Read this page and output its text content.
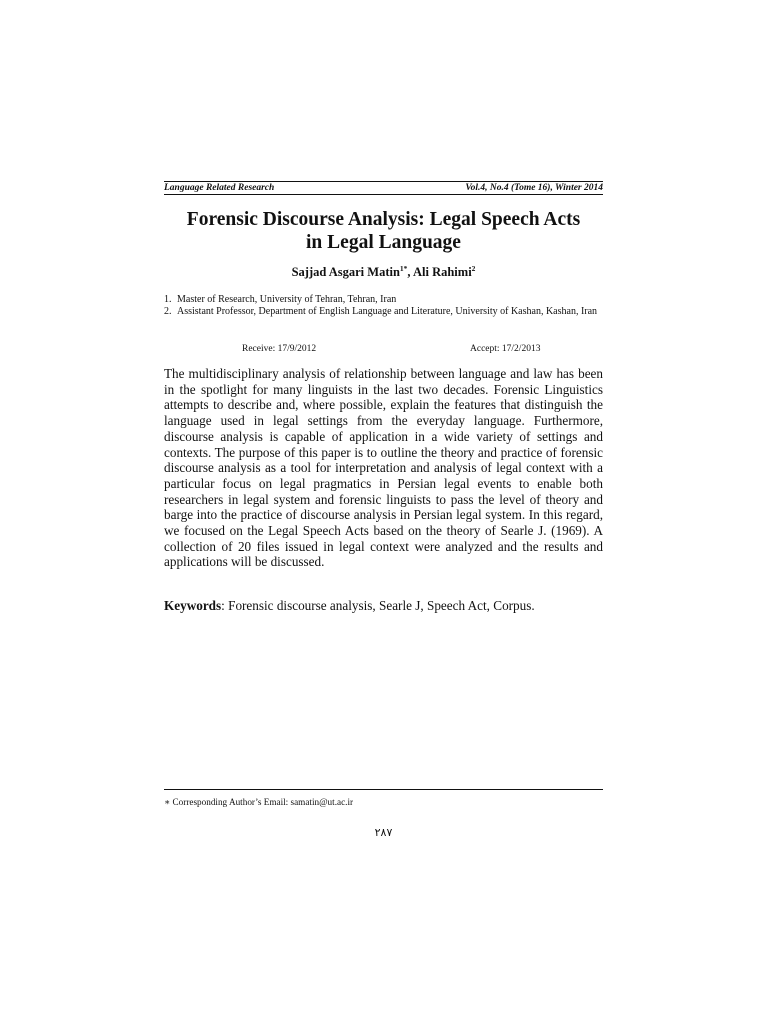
Language Related Research	Vol.4, No.4 (Tome 16), Winter 2014
Forensic Discourse Analysis: Legal Speech Acts
in Legal Language
Sajjad Asgari Matin$^{1*}$, Ali Rahimi$^2$
1. Master of Research, University of Tehran, Tehran, Iran
2. Assistant Professor, Department of English Language and Literature, University of Kashan, Kashan, Iran
Receive: 17/9/2012	Accept: 17/2/2013

The multidisciplinary analysis of relationship between language and law has been in the spotlight for many linguists in the last two decades. Forensic Linguistics attempts to describe and, where possible, explain the features that distinguish the language used in legal settings from the everyday language. Furthermore, discourse analysis is capable of application in a wide variety of settings and contexts. The purpose of this paper is to outline the theory and practice of forensic discourse analysis as a tool for interpretation and analysis of legal context with a particular focus on legal pragmatics in Persian legal events to enable both researchers in legal system and forensic linguists to pass the level of theory and barge into the practice of discourse analysis in Persian legal system. In this regard, we focused on the Legal Speech Acts based on the theory of Searle J. (1969). A collection of 20 files issued in legal context were analyzed and the results and applications will be discussed.

Keywords: Forensic discourse analysis, Searle J, Speech Act, Corpus.

∗ Corresponding Author’s Email: samatin@ut.ac.ir

۲۸۷
